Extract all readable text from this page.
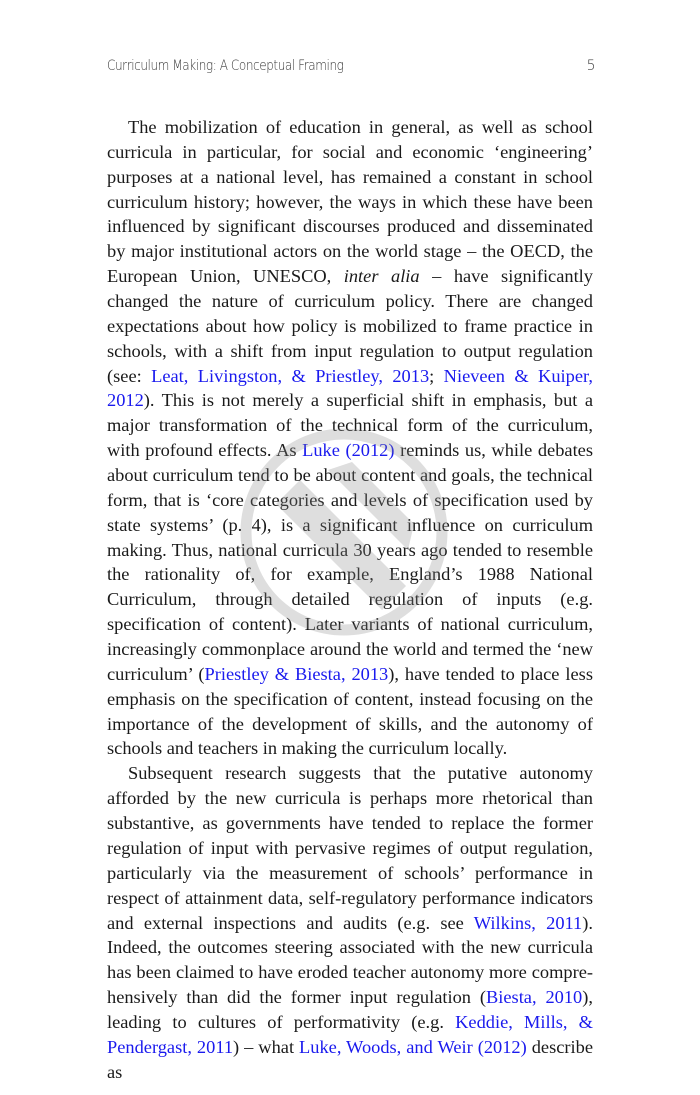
Curriculum Making: A Conceptual Framing	5

The mobilization of education in general, as well as school curricula in particular, for social and economic ‘engineering’ purposes at a national level, has remained a constant in school curriculum history; however, the ways in which these have been influenced by significant discourses produced and disseminated by major institutional actors on the world stage – the OECD, the European Union, UNESCO, inter alia – have significantly changed the nature of curriculum policy. There are changed expectations about how policy is mobilized to frame practice in schools, with a shift from input regulation to output regulation (see: Leat, Livingston, & Priestley, 2013; Nieveen & Kuiper, 2012). This is not merely a superficial shift in emphasis, but a major transformation of the technical form of the curriculum, with profound effects. As Luke (2012) reminds us, while debates about curriculum tend to be about content and goals, the technical form, that is ‘core categories and levels of specification used by state systems’ (p. 4), is a significant influence on curriculum making. Thus, national curricula 30 years ago tended to resemble the rationality of, for example, England’s 1988 National Curriculum, through detailed regulation of inputs (e.g. specification of content). Later variants of national curriculum, increasingly commonplace around the world and termed the ‘new curriculum’ (Priestley & Biesta, 2013), have tended to place less emphasis on the specification of content, instead focusing on the importance of the development of skills, and the autonomy of schools and teachers in making the curriculum locally.

Subsequent research suggests that the putative autonomy afforded by the new curricula is perhaps more rhetorical than substantive, as governments have tended to replace the former regulation of input with pervasive regimes of output regulation, particularly via the measurement of schools’ performance in respect of attainment data, self-regulatory performance indicators and external inspections and audits (e.g. see Wilkins, 2011). Indeed, the outcomes steering associated with the new curricula has been claimed to have eroded teacher autonomy more comprehensively than did the former input regulation (Biesta, 2010), leading to cultures of performativity (e.g. Keddie, Mills, & Pendergast, 2011) – what Luke, Woods, and Weir (2012) describe as
